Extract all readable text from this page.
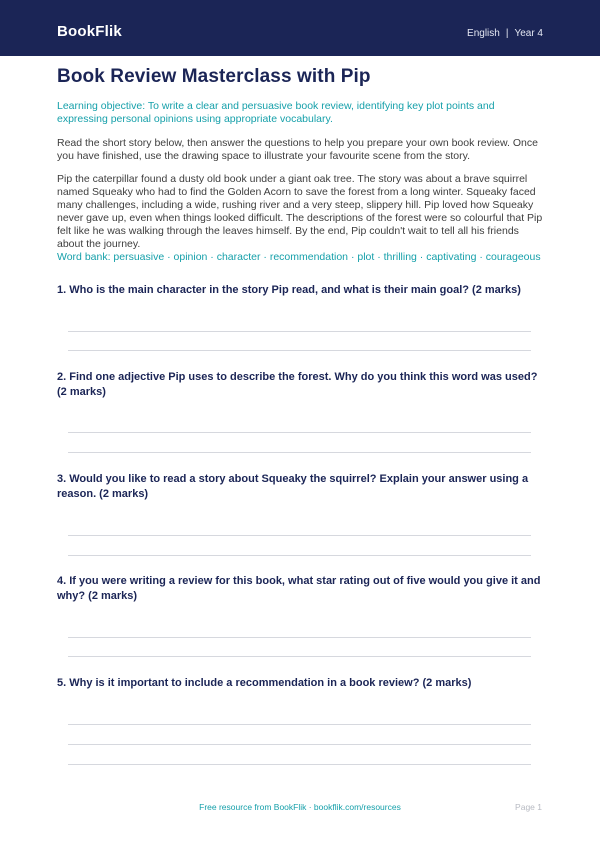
BookFlik	English | Year 4
Book Review Masterclass with Pip
Learning objective: To write a clear and persuasive book review, identifying key plot points and expressing personal opinions using appropriate vocabulary.
Read the short story below, then answer the questions to help you prepare your own book review. Once you have finished, use the drawing space to illustrate your favourite scene from the story.
Pip the caterpillar found a dusty old book under a giant oak tree. The story was about a brave squirrel named Squeaky who had to find the Golden Acorn to save the forest from a long winter. Squeaky faced many challenges, including a wide, rushing river and a very steep, slippery hill. Pip loved how Squeaky never gave up, even when things looked difficult. The descriptions of the forest were so colourful that Pip felt like he was walking through the leaves himself. By the end, Pip couldn't wait to tell all his friends about the journey.
Word bank: persuasive · opinion · character · recommendation · plot · thrilling · captivating · courageous
1. Who is the main character in the story Pip read, and what is their main goal? (2 marks)
2. Find one adjective Pip uses to describe the forest. Why do you think this word was used? (2 marks)
3. Would you like to read a story about Squeaky the squirrel? Explain your answer using a reason. (2 marks)
4. If you were writing a review for this book, what star rating out of five would you give it and why? (2 marks)
5. Why is it important to include a recommendation in a book review? (2 marks)
Free resource from BookFlik · bookflik.com/resources	Page 1
